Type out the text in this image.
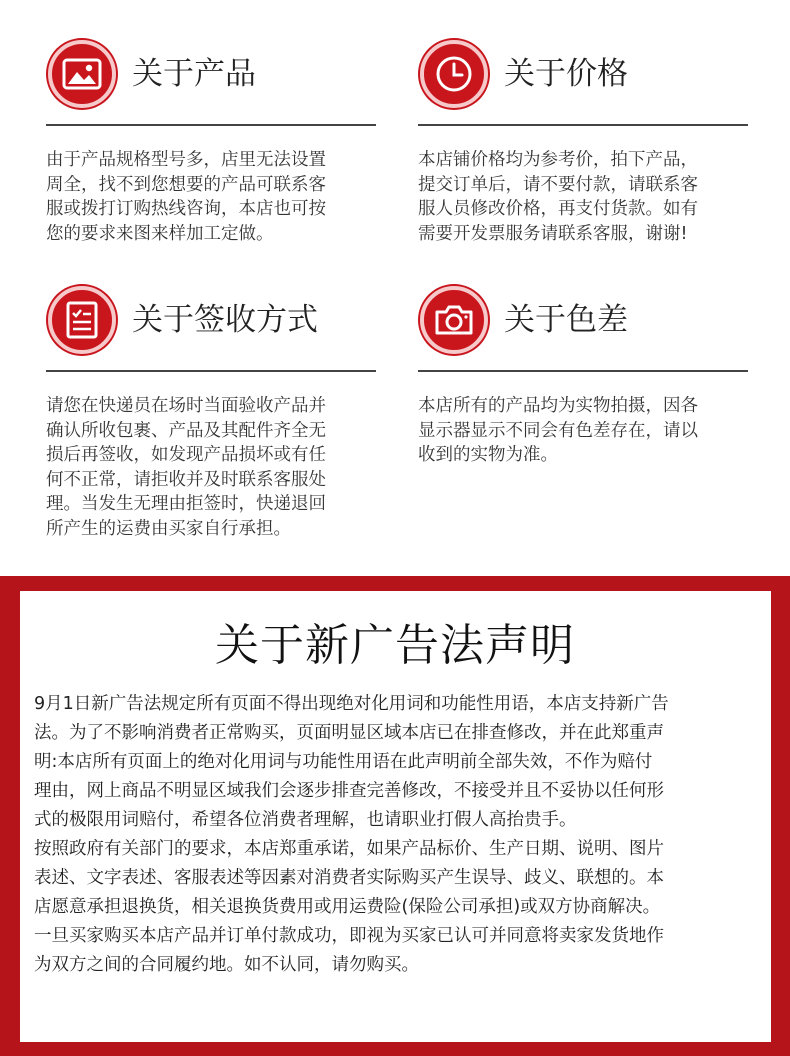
关于产品

由于产品规格型号多，店里无法设置

周全，找不到您想要的产品可联系客

服或拨打订购热线咨询，本店也可按

您的要求来图来样加工定做。

关于价格

本店铺价格均为参考价，拍下产品，

提交订单后，请不要付款，请联系客

服人员修改价格，再支付货款。如有

需要开发票服务请联系客服，谢谢!

关于签收方式

请您在快递员在场时当面验收产品并

确认所收包裹、产品及其配件齐全无

损后再签收，如发现产品损坏或有任

何不正常，请拒收并及时联系客服处

理。当发生无理由拒签时，快递退回

所产生的运费由买家自行承担。

关于色差

本店所有的产品均为实物拍摄，因各

显示器显示不同会有色差存在，请以

收到的实物为准。

关于新广告法声明

9月1日新广告法规定所有页面不得出现绝对化用词和功能性用语，本店支持新广告

法。为了不影响消费者正常购买，页面明显区域本店已在排查修改，并在此郑重声

明:本店所有页面上的绝对化用词与功能性用语在此声明前全部失效，不作为赔付

理由，网上商品不明显区域我们会逐步排查完善修改，不接受并且不妥协以任何形

式的极限用词赔付，希望各位消费者理解，也请职业打假人高抬贵手。

按照政府有关部门的要求，本店郑重承诺，如果产品标价、生产日期、说明、图片

表述、文字表述、客服表述等因素对消费者实际购买产生误导、歧义、联想的。本

店愿意承担退换货，相关退换货费用或用运费险(保险公司承担)或双方协商解决。

一旦买家购买本店产品并订单付款成功，即视为买家已认可并同意将卖家发货地作

为双方之间的合同履约地。如不认同，请勿购买。
